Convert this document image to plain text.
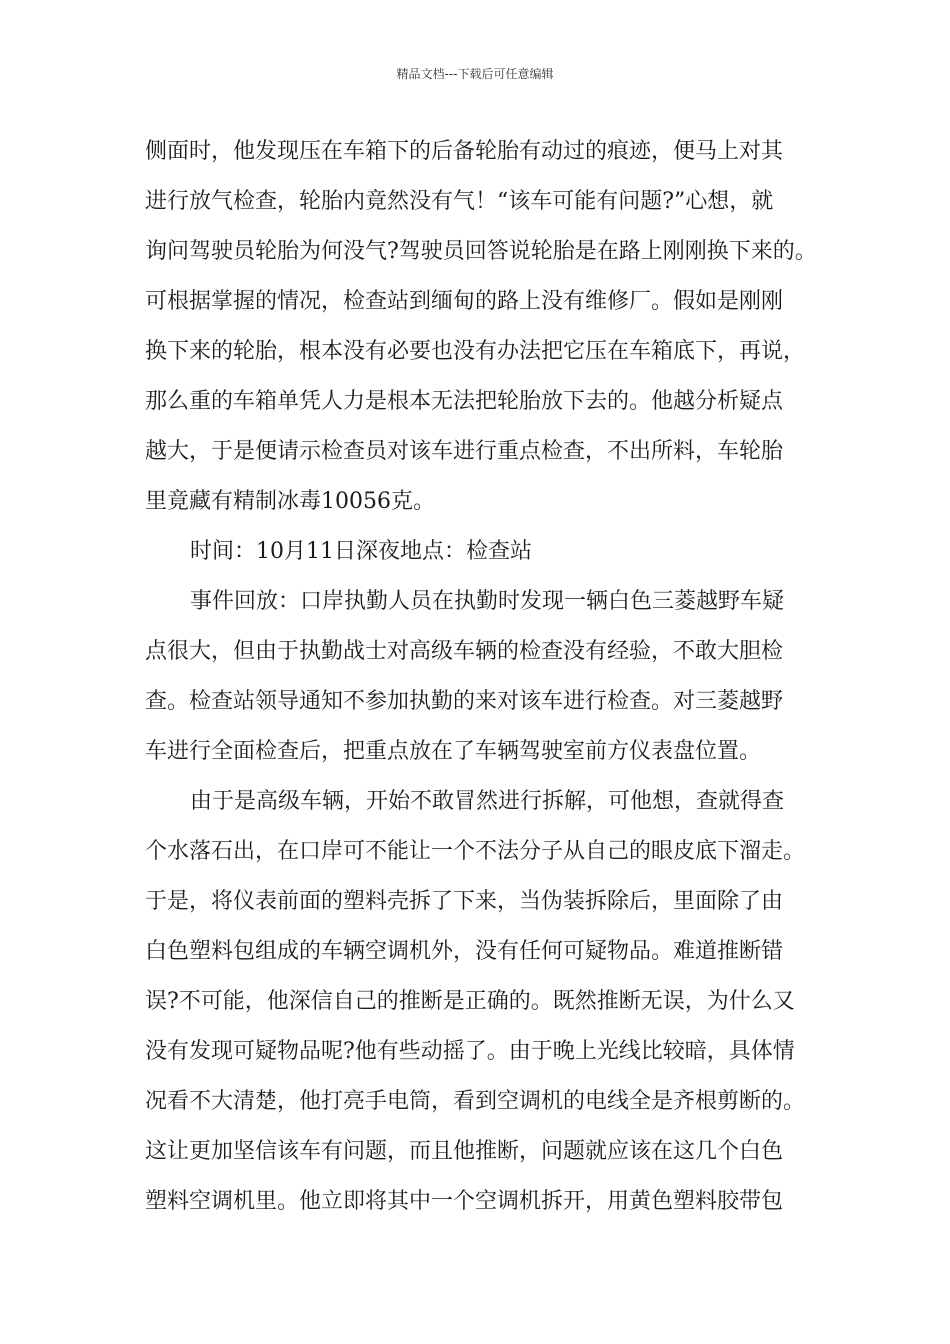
精品文档---下载后可任意编辑
侧面时，他发现压在车箱下的后备轮胎有动过的痕迹，便马上对其
进行放气检查，轮胎内竟然没有气！“该车可能有问题?”心想，就
询问驾驶员轮胎为何没气?驾驶员回答说轮胎是在路上刚刚换下来的。
可根据掌握的情况，检查站到缅甸的路上没有维修厂。假如是刚刚
换下来的轮胎，根本没有必要也没有办法把它压在车箱底下，再说，
那么重的车箱单凭人力是根本无法把轮胎放下去的。他越分析疑点
越大，于是便请示检查员对该车进行重点检查，不出所料，车轮胎
里竟藏有精制冰毒10056克。
时间：10月11日深夜地点：检查站
事件回放：口岸执勤人员在执勤时发现一辆白色三菱越野车疑
点很大，但由于执勤战士对高级车辆的检查没有经验，不敢大胆检
查。检查站领导通知不参加执勤的来对该车进行检查。对三菱越野
车进行全面检查后，把重点放在了车辆驾驶室前方仪表盘位置。
由于是高级车辆，开始不敢冒然进行拆解，可他想，查就得查
个水落石出，在口岸可不能让一个不法分子从自己的眼皮底下溜走。
于是，将仪表前面的塑料壳拆了下来，当伪装拆除后，里面除了由
白色塑料包组成的车辆空调机外，没有任何可疑物品。难道推断错
误?不可能，他深信自己的推断是正确的。既然推断无误，为什么又
没有发现可疑物品呢?他有些动摇了。由于晚上光线比较暗，具体情
况看不大清楚，他打亮手电筒，看到空调机的电线全是齐根剪断的。
这让更加坚信该车有问题，而且他推断，问题就应该在这几个白色
塑料空调机里。他立即将其中一个空调机拆开，用黄色塑料胶带包
